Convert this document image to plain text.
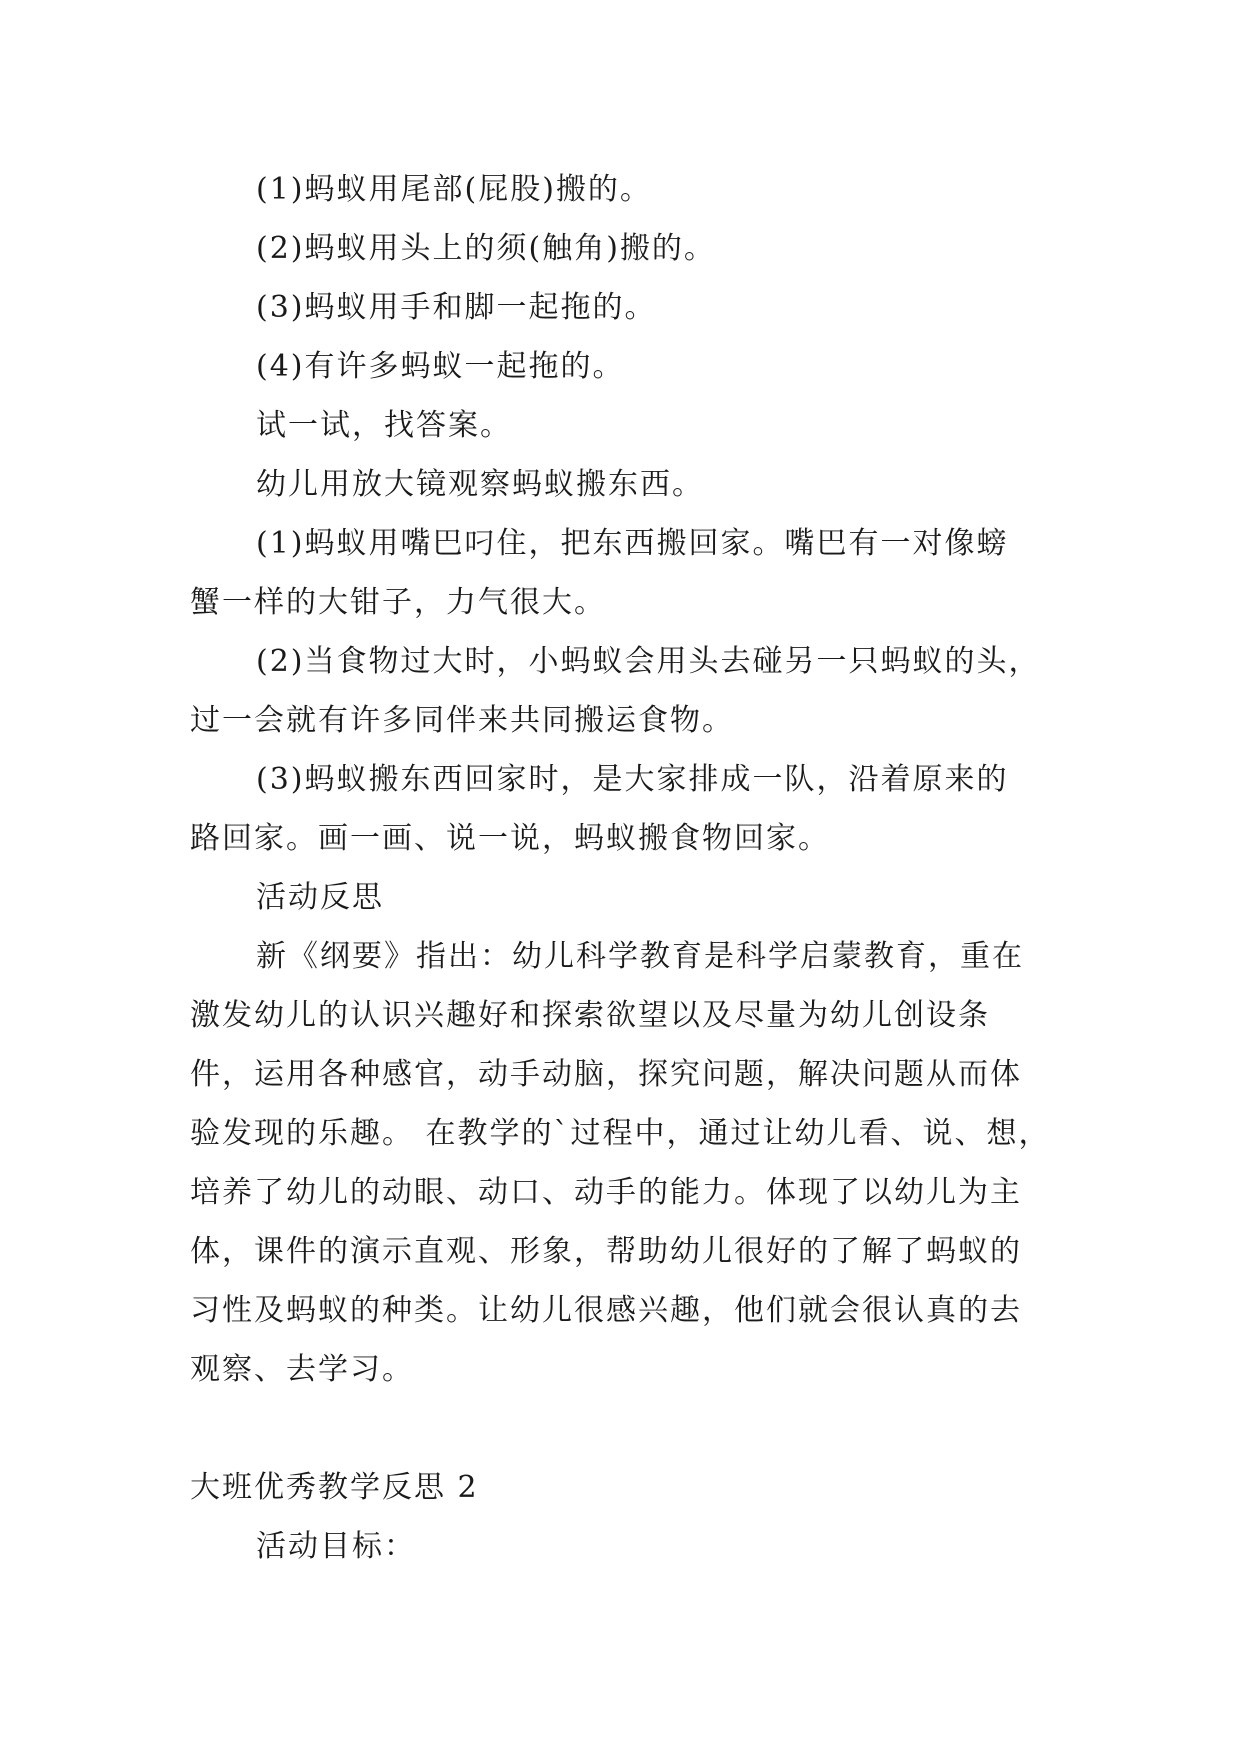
(1)蚂蚁用尾部(屁股)搬的。

(2)蚂蚁用头上的须(触角)搬的。

(3)蚂蚁用手和脚一起拖的。

(4)有许多蚂蚁一起拖的。

试一试，找答案。

幼儿用放大镜观察蚂蚁搬东西。

(1)蚂蚁用嘴巴叼住，把东西搬回家。嘴巴有一对像螃

蟹一样的大钳子，力气很大。

(2)当食物过大时，小蚂蚁会用头去碰另一只蚂蚁的头，

过一会就有许多同伴来共同搬运食物。

(3)蚂蚁搬东西回家时，是大家排成一队，沿着原来的

路回家。画一画、说一说，蚂蚁搬食物回家。

活动反思

新《纲要》指出：幼儿科学教育是科学启蒙教育，重在

激发幼儿的认识兴趣好和探索欲望以及尽量为幼儿创设条

件，运用各种感官，动手动脑，探究问题，解决问题从而体

验发现的乐趣。 在教学的`过程中，通过让幼儿看、说、想，

培养了幼儿的动眼、动口、动手的能力。体现了以幼儿为主

体，课件的演示直观、形象，帮助幼儿很好的了解了蚂蚁的

习性及蚂蚁的种类。让幼儿很感兴趣，他们就会很认真的去

观察、去学习。

大班优秀教学反思 2

活动目标：
